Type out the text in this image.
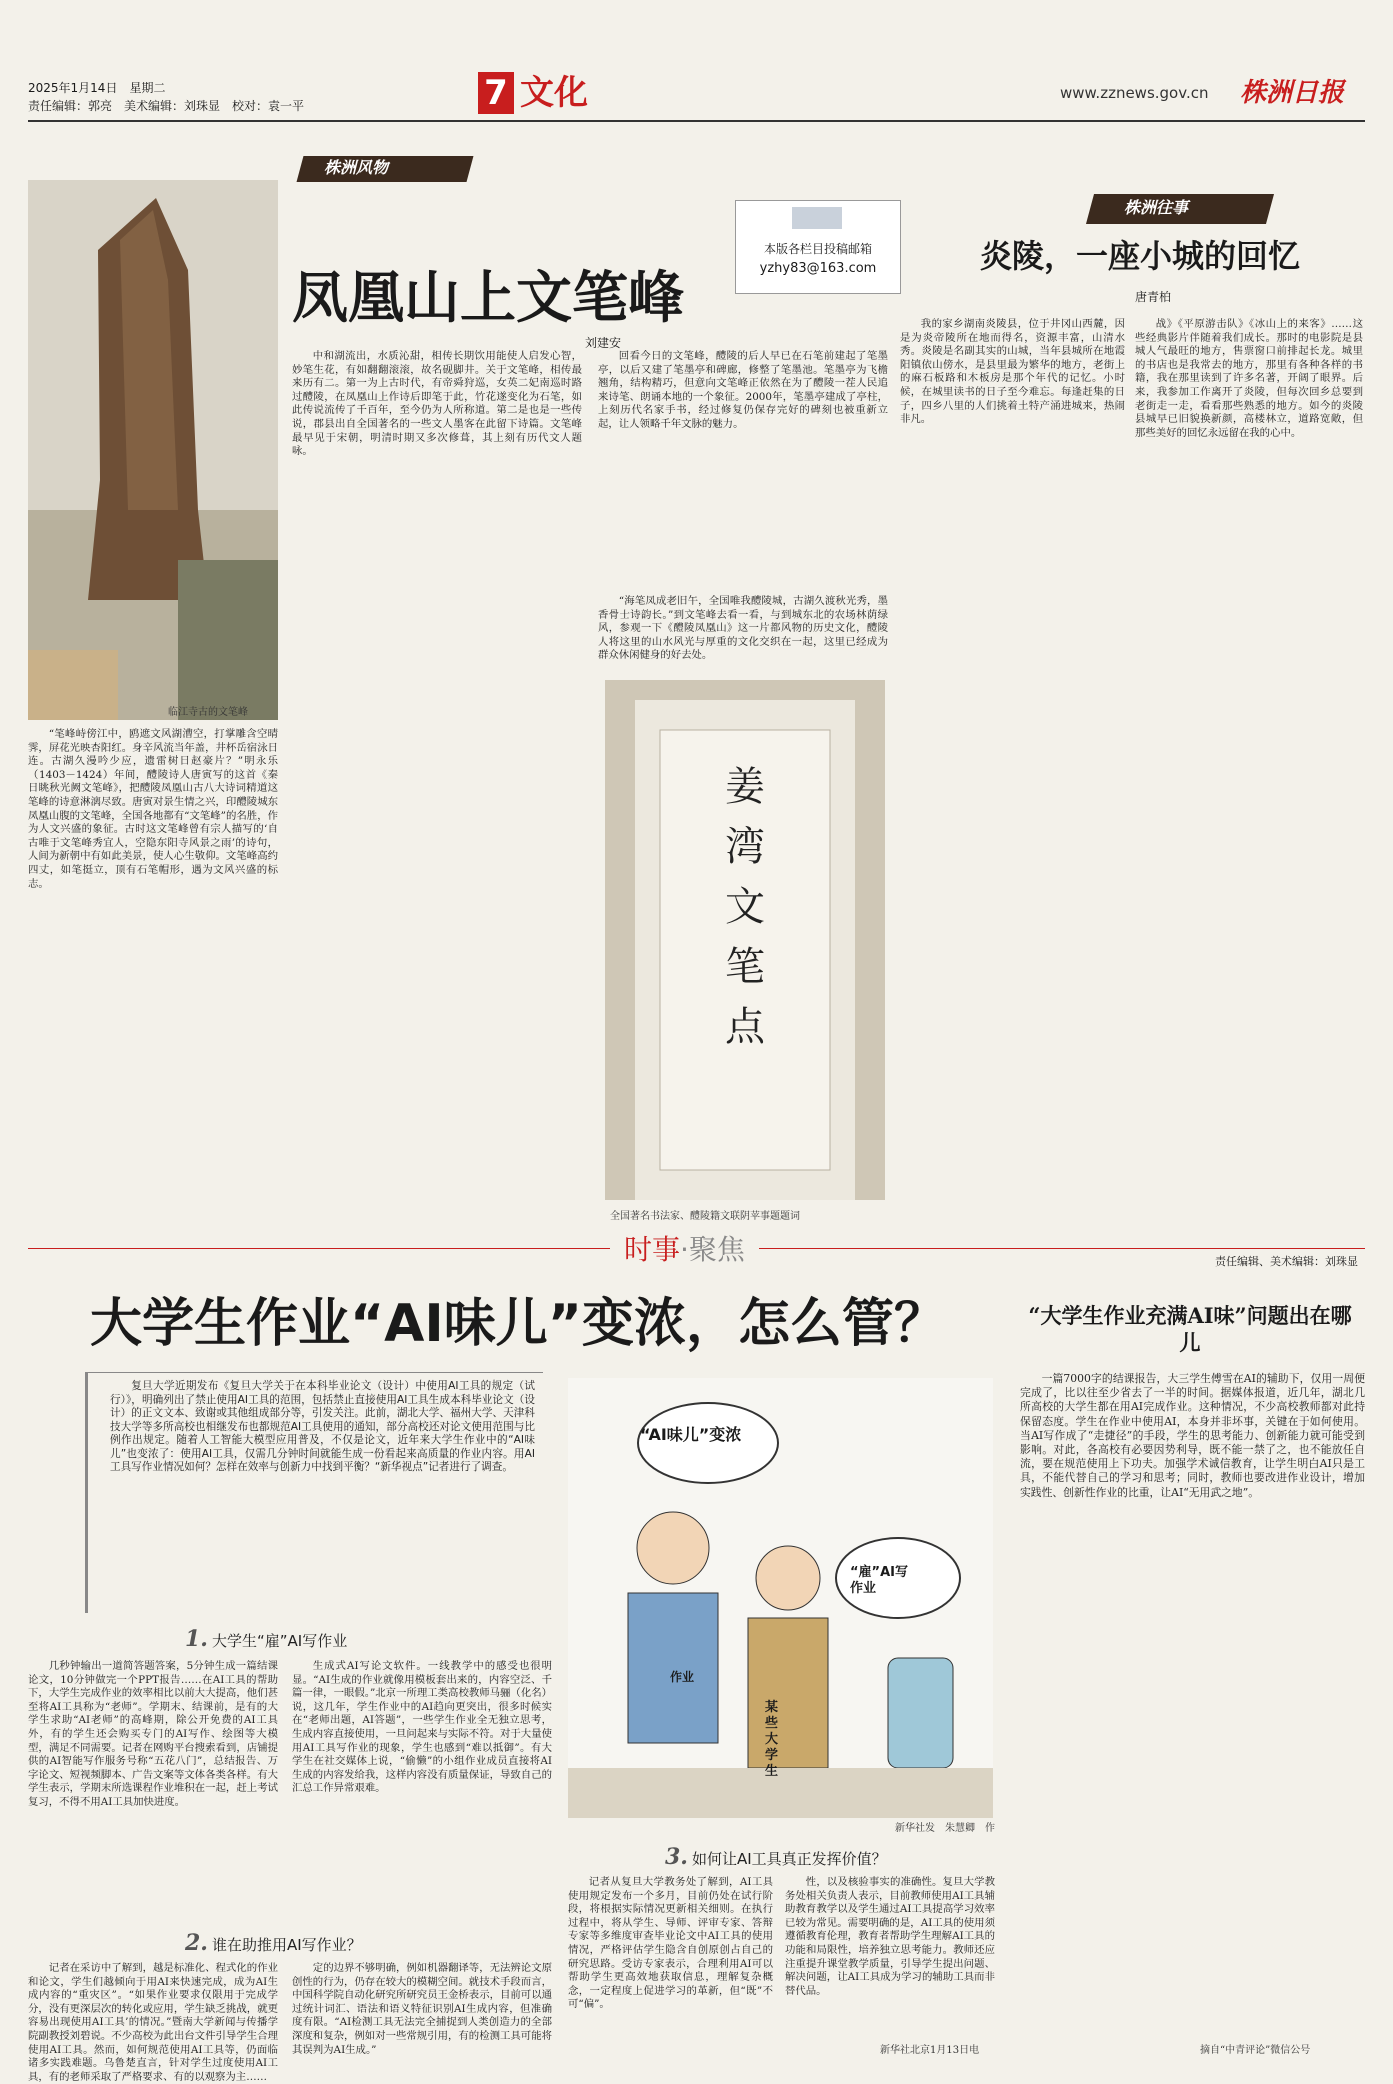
2025年1月14日　 星期二
责任编辑：郭亮　美术编辑：刘珠显　校对：袁一平	7 文化	www.zznews.gov.cn 株洲日报
株洲风物
凤凰山上文笔峰
刘建安
临江寺古的文笔峰
本版各栏目投稿邮箱
yzhy83@163.com
株洲往事
炎陵，一座小城的回忆
唐青柏
“笔峰峙傍江中，鸥遮文风湖漕空，打掌雕含空晴霁，屏花光映杏阳红。身辛风流当年盖，井杯岳宿泳日连。古湖久漫吟少应，遗雷树日赵豪片？”明永乐（1403－1424）年间，醴陵诗人唐寅写的这首《秦日眺秋光阙文笔峰》，把醴陵凤凰山古八大诗词精道这笔峰的诗意淋漓尽致。唐寅对景生情之兴，印醴陵城东凤凰山腹的文笔峰，全国各地都有“文笔峰”的名胜，作为人文兴盛的象征。古时这文笔峰曾有宗人描写的‘自古唯于文笔峰秀宜人，空隐东阳寺风景之雨’的诗句，人间为新朝中有如此美景，使人心生敬仰。文笔峰高约四丈，如笔挺立，顶有石笔帽形，遇为文风兴盛的标志。
中和湖流出，水质沁甜，相传长期饮用能使人启发心智，妙笔生花，有如翻翻滚滚，故名砚脚井。关于文笔峰，相传最来历有二。第一为上古时代，有帝舜狩巡，女英二妃南巡时路过醴陵，在凤凰山上作诗后即笔于此，竹花遂变化为石笔，如此传说流传了千百年，至今仍为人所称道。第二是也是一些传说，郡县出自全国著名的一些文人墨客在此留下诗篇。文笔峰最早见于宋朝，明清时期又多次修葺，其上刻有历代文人题咏。
回看今日的文笔峰，醴陵的后人早已在石笔前建起了笔墨亭，以后又建了笔墨亭和碑廊，修整了笔墨池。笔墨亭为飞檐翘角，结构精巧，但意向文笔峰正依然在为了醴陵一茬人民追来诗笔、朗诵本地的一个象征。2000年，笔墨亭建成了亭柱，上刻历代名家手书，经过修复仍保存完好的碑刻也被重新立起，让人领略千年文脉的魅力。
“海笔凤成老旧午，全国唯我醴陵城，古湖久渡秋光秀，墨香骨士诗韵长。”到文笔峰去看一看，与到城东北的农场林荫绿风，参观一下《醴陵凤凰山》这一片都风物的历史文化，醴陵人将这里的山水风光与厚重的文化交织在一起，这里已经成为群众休闲健身的好去处。
姜
湾
文
笔
点
全国著名书法家、醴陵籍文联阴苹事题题词
我的家乡湖南炎陵县，位于井冈山西麓，因是为炎帝陵所在地而得名，资源丰富，山清水秀。炎陵是名副其实的山城，当年县城所在地霞阳镇依山傍水，是县里最为繁华的地方，老街上的麻石板路和木板房是那个年代的记忆。小时候，在城里读书的日子至今难忘。每逢赶集的日子，四乡八里的人们挑着土特产涌进城来，热闹非凡。
战》《平原游击队》《冰山上的来客》……这些经典影片伴随着我们成长。那时的电影院是县城人气最旺的地方，售票窗口前排起长龙。城里的书店也是我常去的地方，那里有各种各样的书籍，我在那里读到了许多名著，开阔了眼界。后来，我参加工作离开了炎陵，但每次回乡总要到老街走一走，看看那些熟悉的地方。如今的炎陵县城早已旧貌换新颜，高楼林立，道路宽敞，但那些美好的回忆永远留在我的心中。
时事·聚焦	责任编辑、美术编辑：刘珠显
大学生作业“AI味儿”变浓，怎么管？
复旦大学近期发布《复旦大学关于在本科毕业论文（设计）中使用AI工具的规定（试行）》，明确列出了禁止使用AI工具的范围，包括禁止直接使用AI工具生成本科毕业论文（设计）的正文文本、致谢或其他组成部分等，引发关注。此前，湖北大学、福州大学、天津科技大学等多所高校也相继发布也都规范AI工具使用的通知，部分高校还对论文使用范围与比例作出规定。随着人工智能大模型应用普及，不仅是论文，近年来大学生作业中的“AI味儿”也变浓了：使用AI工具，仅需几分钟时间就能生成一份看起来高质量的作业内容。用AI工具写作业情况如何？怎样在效率与创新力中找到平衡？“新华视点”记者进行了调查。
“AI味儿”变浓
“雇”AI写作业
作业
某些大学生
新华社发　朱慧卿　作
1. 大学生“雇”AI写作业
几秒钟输出一道简答题答案，5分钟生成一篇结课论文，10分钟做完一个PPT报告……在AI工具的帮助下，大学生完成作业的效率相比以前大大提高，他们甚至将AI工具称为“老师”。学期末、结课前，是有的大学生求助“AI老师”的高峰期，除公开免费的AI工具外，有的学生还会购买专门的AI写作、绘图等大模型，满足不同需要。记者在网购平台搜索看到，店铺提供的AI智能写作服务号称“五花八门”，总结报告、万字论文、短视频脚本、广告文案等文体各类各样。有大学生表示，学期末所选课程作业堆积在一起，赶上考试复习，不得不用AI工具加快进度。
生成式AI写论文软件。一线教学中的感受也很明显。“AI生成的作业就像用模板套出来的，内容空泛、千篇一律，一眼假。”北京一所理工类高校教师马骊（化名）说，这几年，学生作业中的AI趋向更突出，很多时候实在“老师出题，AI答题”，一些学生作业全无独立思考，生成内容直接使用，一旦问起来与实际不符。对于大量使用AI工具写作业的现象，学生也感到“难以抵御”。有大学生在社交媒体上说，“偷懒”的小组作业成员直接将AI生成的内容发给我，这样内容没有质量保证，导致自己的汇总工作异常艰难。
2. 谁在助推用AI写作业？
记者在采访中了解到，越是标准化、程式化的作业和论文，学生们越倾向于用AI来快速完成，成为AI生成内容的“重灾区”。“如果作业要求仅限用于完成学分，没有更深层次的转化或应用，学生缺乏挑战，就更容易出现使用AI工具’的情况。”暨南大学新闻与传播学院副教授刘碧说。不少高校为此出台文件引导学生合理使用AI工具。然而，如何规范使用AI工具等，仍面临诸多实践难题。乌鲁楚直言，针对学生过度使用AI工具，有的老师采取了严格要求、有的以观察为主……
定的边界不够明确，例如机器翻译等，无法辨论文原创性的行为，仍存在较大的模糊空间。就技术手段而言，中国科学院自动化研究所研究员王金桥表示，目前可以通过统计词汇、语法和语义特征识别AI生成内容，但准确度有限。“AI检测工具无法完全捕捉到人类创造力的全部深度和复杂，例如对一些常规引用，有的检测工具可能将其误判为AI生成。”
3. 如何让AI工具真正发挥价值？
记者从复旦大学教务处了解到，AI工具使用规定发布一个多月，目前仍处在试行阶段，将根据实际情况更新相关细则。在执行过程中，将从学生、导师、评审专家、答辩专家等多维度审查毕业论文中AI工具的使用情况，严格评估学生隐含自创原创占自己的研究思路。受访专家表示，合理利用AI可以帮助学生更高效地获取信息，理解复杂概念，一定程度上促进学习的革新，但“既”不可“偏”。
性，以及核验事实的准确性。复旦大学教务处相关负责人表示，目前教师使用AI工具辅助教育教学以及学生通过AI工具提高学习效率已较为常见。需要明确的是，AI工具的使用须遵循教育伦理，教育者帮助学生理解AI工具的功能和局限性，培养独立思考能力。教师还应注重提升课堂教学质量，引导学生提出问题、解决问题，让AI工具成为学习的辅助工具而非替代品。
新华社北京1月13日电
“大学生作业充满AI味”问题出在哪儿
一篇7000字的结课报告，大三学生傅雪在AI的辅助下，仅用一周便完成了，比以往至少省去了一半的时间。据媒体报道，近几年，湖北几所高校的大学生都在用AI完成作业。这种情况，不少高校教师都对此持保留态度。学生在作业中使用AI，本身并非坏事，关键在于如何使用。当AI写作成了“走捷径”的手段，学生的思考能力、创新能力就可能受到影响。对此，各高校有必要因势利导，既不能一禁了之，也不能放任自流，要在规范使用上下功夫。加强学术诚信教育，让学生明白AI只是工具，不能代替自己的学习和思考；同时，教师也要改进作业设计，增加实践性、创新性作业的比重，让AI“无用武之地”。
摘自“中青评论”微信公号
